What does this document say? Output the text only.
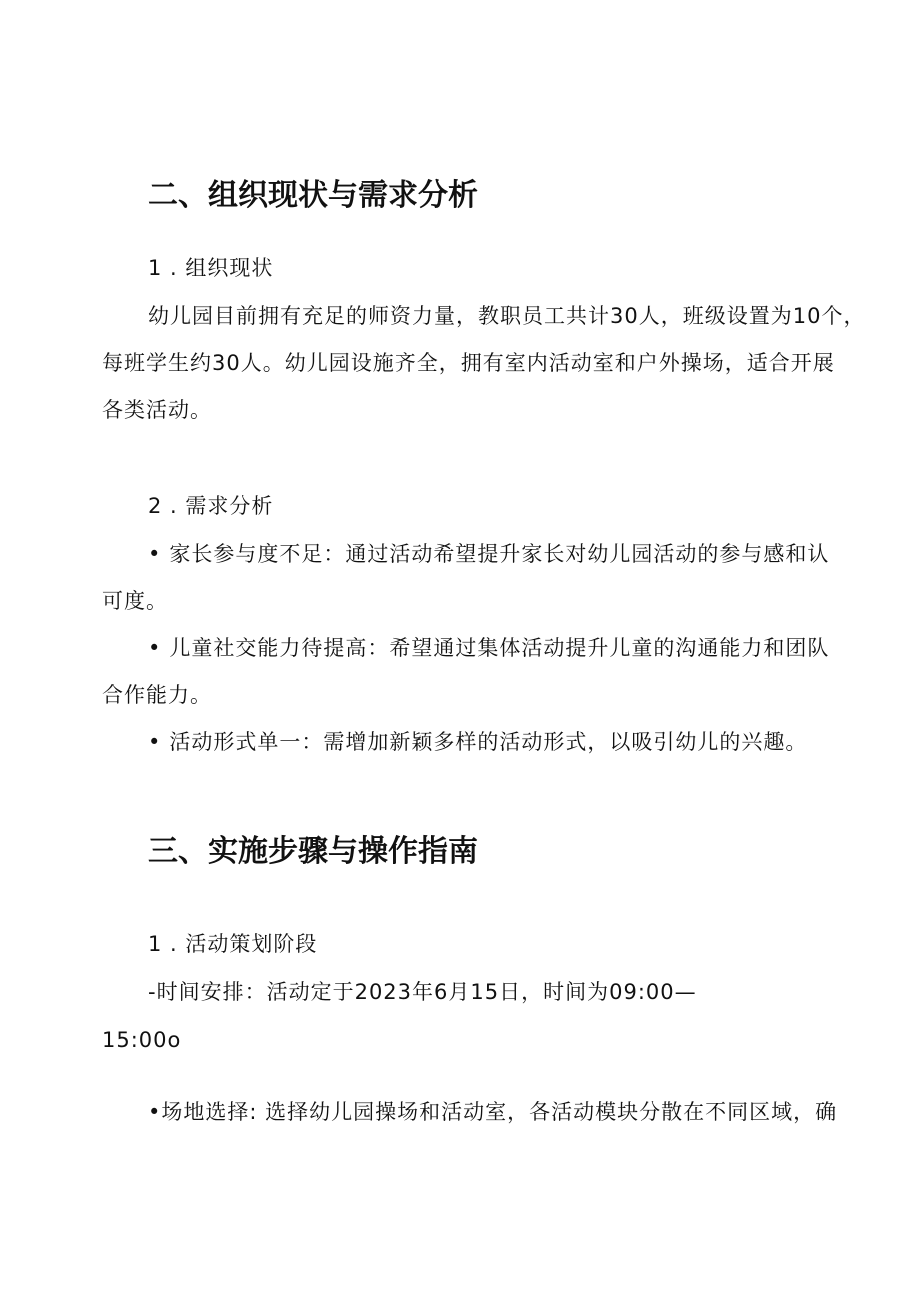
二、组织现状与需求分析
1 . 组织现状
幼儿园目前拥有充足的师资力量，教职员工共计30人，班级设置为10个，
每班学生约30人。幼儿园设施齐全，拥有室内活动室和户外操场，适合开展
各类活动。
2 . 需求分析
• 家长参与度不足：通过活动希望提升家长对幼儿园活动的参与感和认
可度。
• 儿童社交能力待提高：希望通过集体活动提升儿童的沟通能力和团队
合作能力。
• 活动形式单一：需增加新颖多样的活动形式，以吸引幼儿的兴趣。
三、实施步骤与操作指南
1 . 活动策划阶段
-时间安排：活动定于2023年6月15日，时间为09:00—
15:00o
•场地选择: 选择幼儿园操场和活动室，各活动模块分散在不同区域，确
